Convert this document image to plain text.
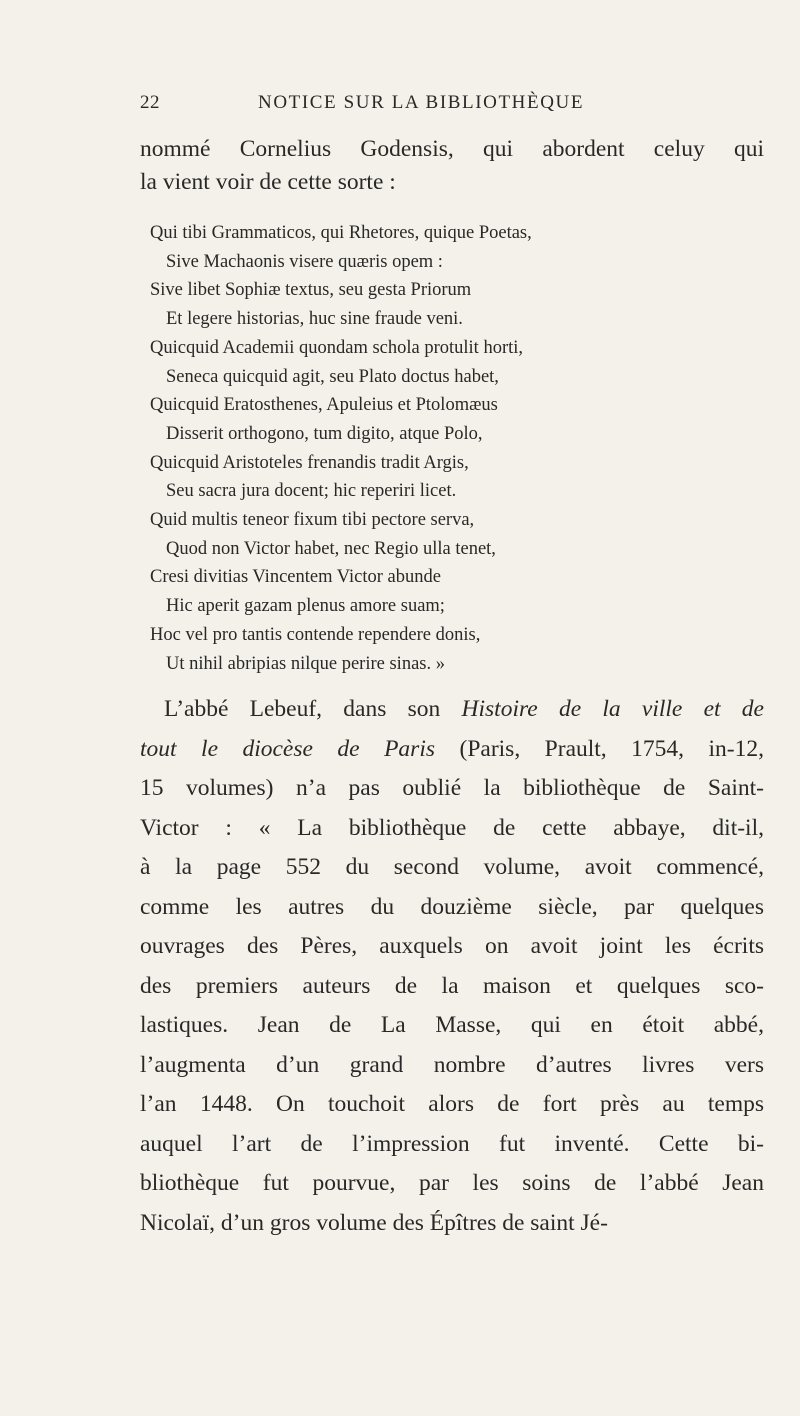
22	NOTICE SUR LA BIBLIOTHÈQUE

nommé Cornelius Godensis, qui abordent celuy qui
la vient voir de cette sorte :

Qui tibi Grammaticos, qui Rhetores, quique Poetas,
Sive Machaonis visere quæris opem :
Sive libet Sophiæ textus, seu gesta Priorum
Et legere historias, huc sine fraude veni.
Quicquid Academii quondam schola protulit horti,
Seneca quicquid agit, seu Plato doctus habet,
Quicquid Eratosthenes, Apuleius et Ptolomæus
Disserit orthogono, tum digito, atque Polo,
Quicquid Aristoteles frenandis tradit Argis,
Seu sacra jura docent; hic reperiri licet.
Quid multis teneor fixum tibi pectore serva,
Quod non Victor habet, nec Regio ulla tenet,
Cresi divitias Vincentem Victor abunde
Hic aperit gazam plenus amore suam;
Hoc vel pro tantis contende rependere donis,
Ut nihil abripias nilque perire sinas. »
L’abbé Lebeuf, dans son Histoire de la ville et de
tout le diocèse de Paris (Paris, Prault, 1754, in-12,
15 volumes) n’a pas oublié la bibliothèque de Saint-
Victor : « La bibliothèque de cette abbaye, dit-il,
à la page 552 du second volume, avoit commencé,
comme les autres du douzième siècle, par quelques
ouvrages des Pères, auxquels on avoit joint les écrits
des premiers auteurs de la maison et quelques sco-
lastiques. Jean de La Masse, qui en étoit abbé,
l’augmenta d’un grand nombre d’autres livres vers
l’an 1448. On touchoit alors de fort près au temps
auquel l’art de l’impression fut inventé. Cette bi-
bliothèque fut pourvue, par les soins de l’abbé Jean
Nicolaï, d’un gros volume des Épîtres de saint Jé-
